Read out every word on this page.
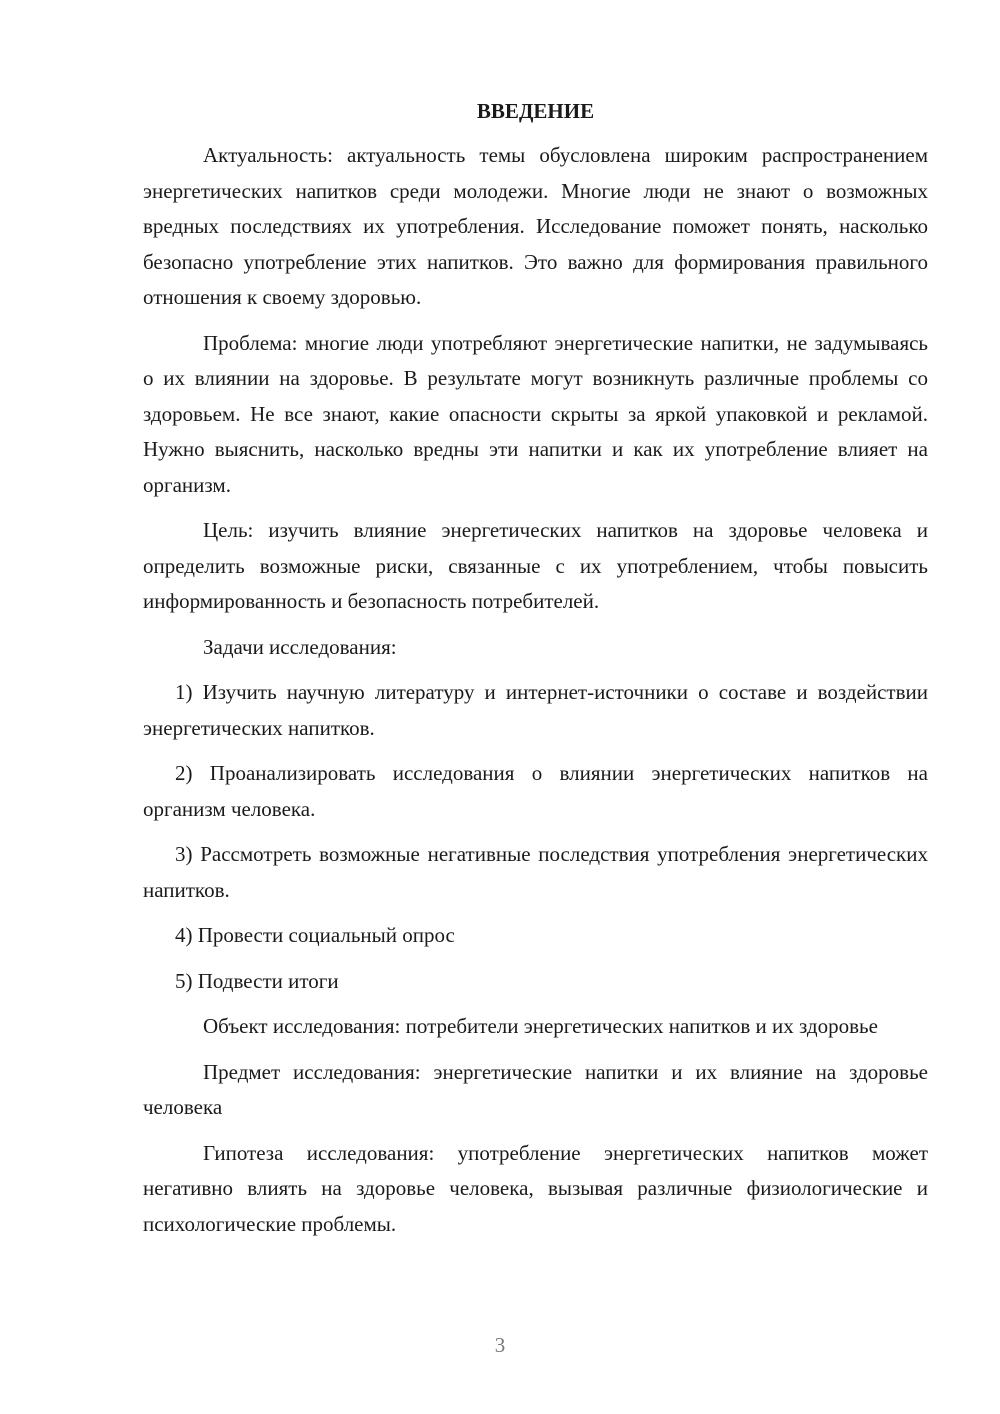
ВВЕДЕНИЕ

Актуальность: актуальность темы обусловлена широким распространением энергетических напитков среди молодежи. Многие люди не знают о возможных вредных последствиях их употребления. Исследование поможет понять, насколько безопасно употребление этих напитков. Это важно для формирования правильного отношения к своему здоровью.

Проблема: многие люди употребляют энергетические напитки, не задумываясь о их влиянии на здоровье. В результате могут возникнуть различные проблемы со здоровьем. Не все знают, какие опасности скрыты за яркой упаковкой и рекламой. Нужно выяснить, насколько вредны эти напитки и как их употребление влияет на организм.

Цель: изучить влияние энергетических напитков на здоровье человека и определить возможные риски, связанные с их употреблением, чтобы повысить информированность и безопасность потребителей.

Задачи исследования:

1) Изучить научную литературу и интернет-источники о составе и воздействии энергетических напитков.

2) Проанализировать исследования о влиянии энергетических напитков на организм человека.

3) Рассмотреть возможные негативные последствия употребления энергетических напитков.

4) Провести социальный опрос

5) Подвести итоги

Объект исследования: потребители энергетических напитков и их здоровье

Предмет исследования: энергетические напитки и их влияние на здоровье человека

Гипотеза исследования: употребление энергетических напитков может негативно влиять на здоровье человека, вызывая различные физиологические и психологические проблемы.

3
